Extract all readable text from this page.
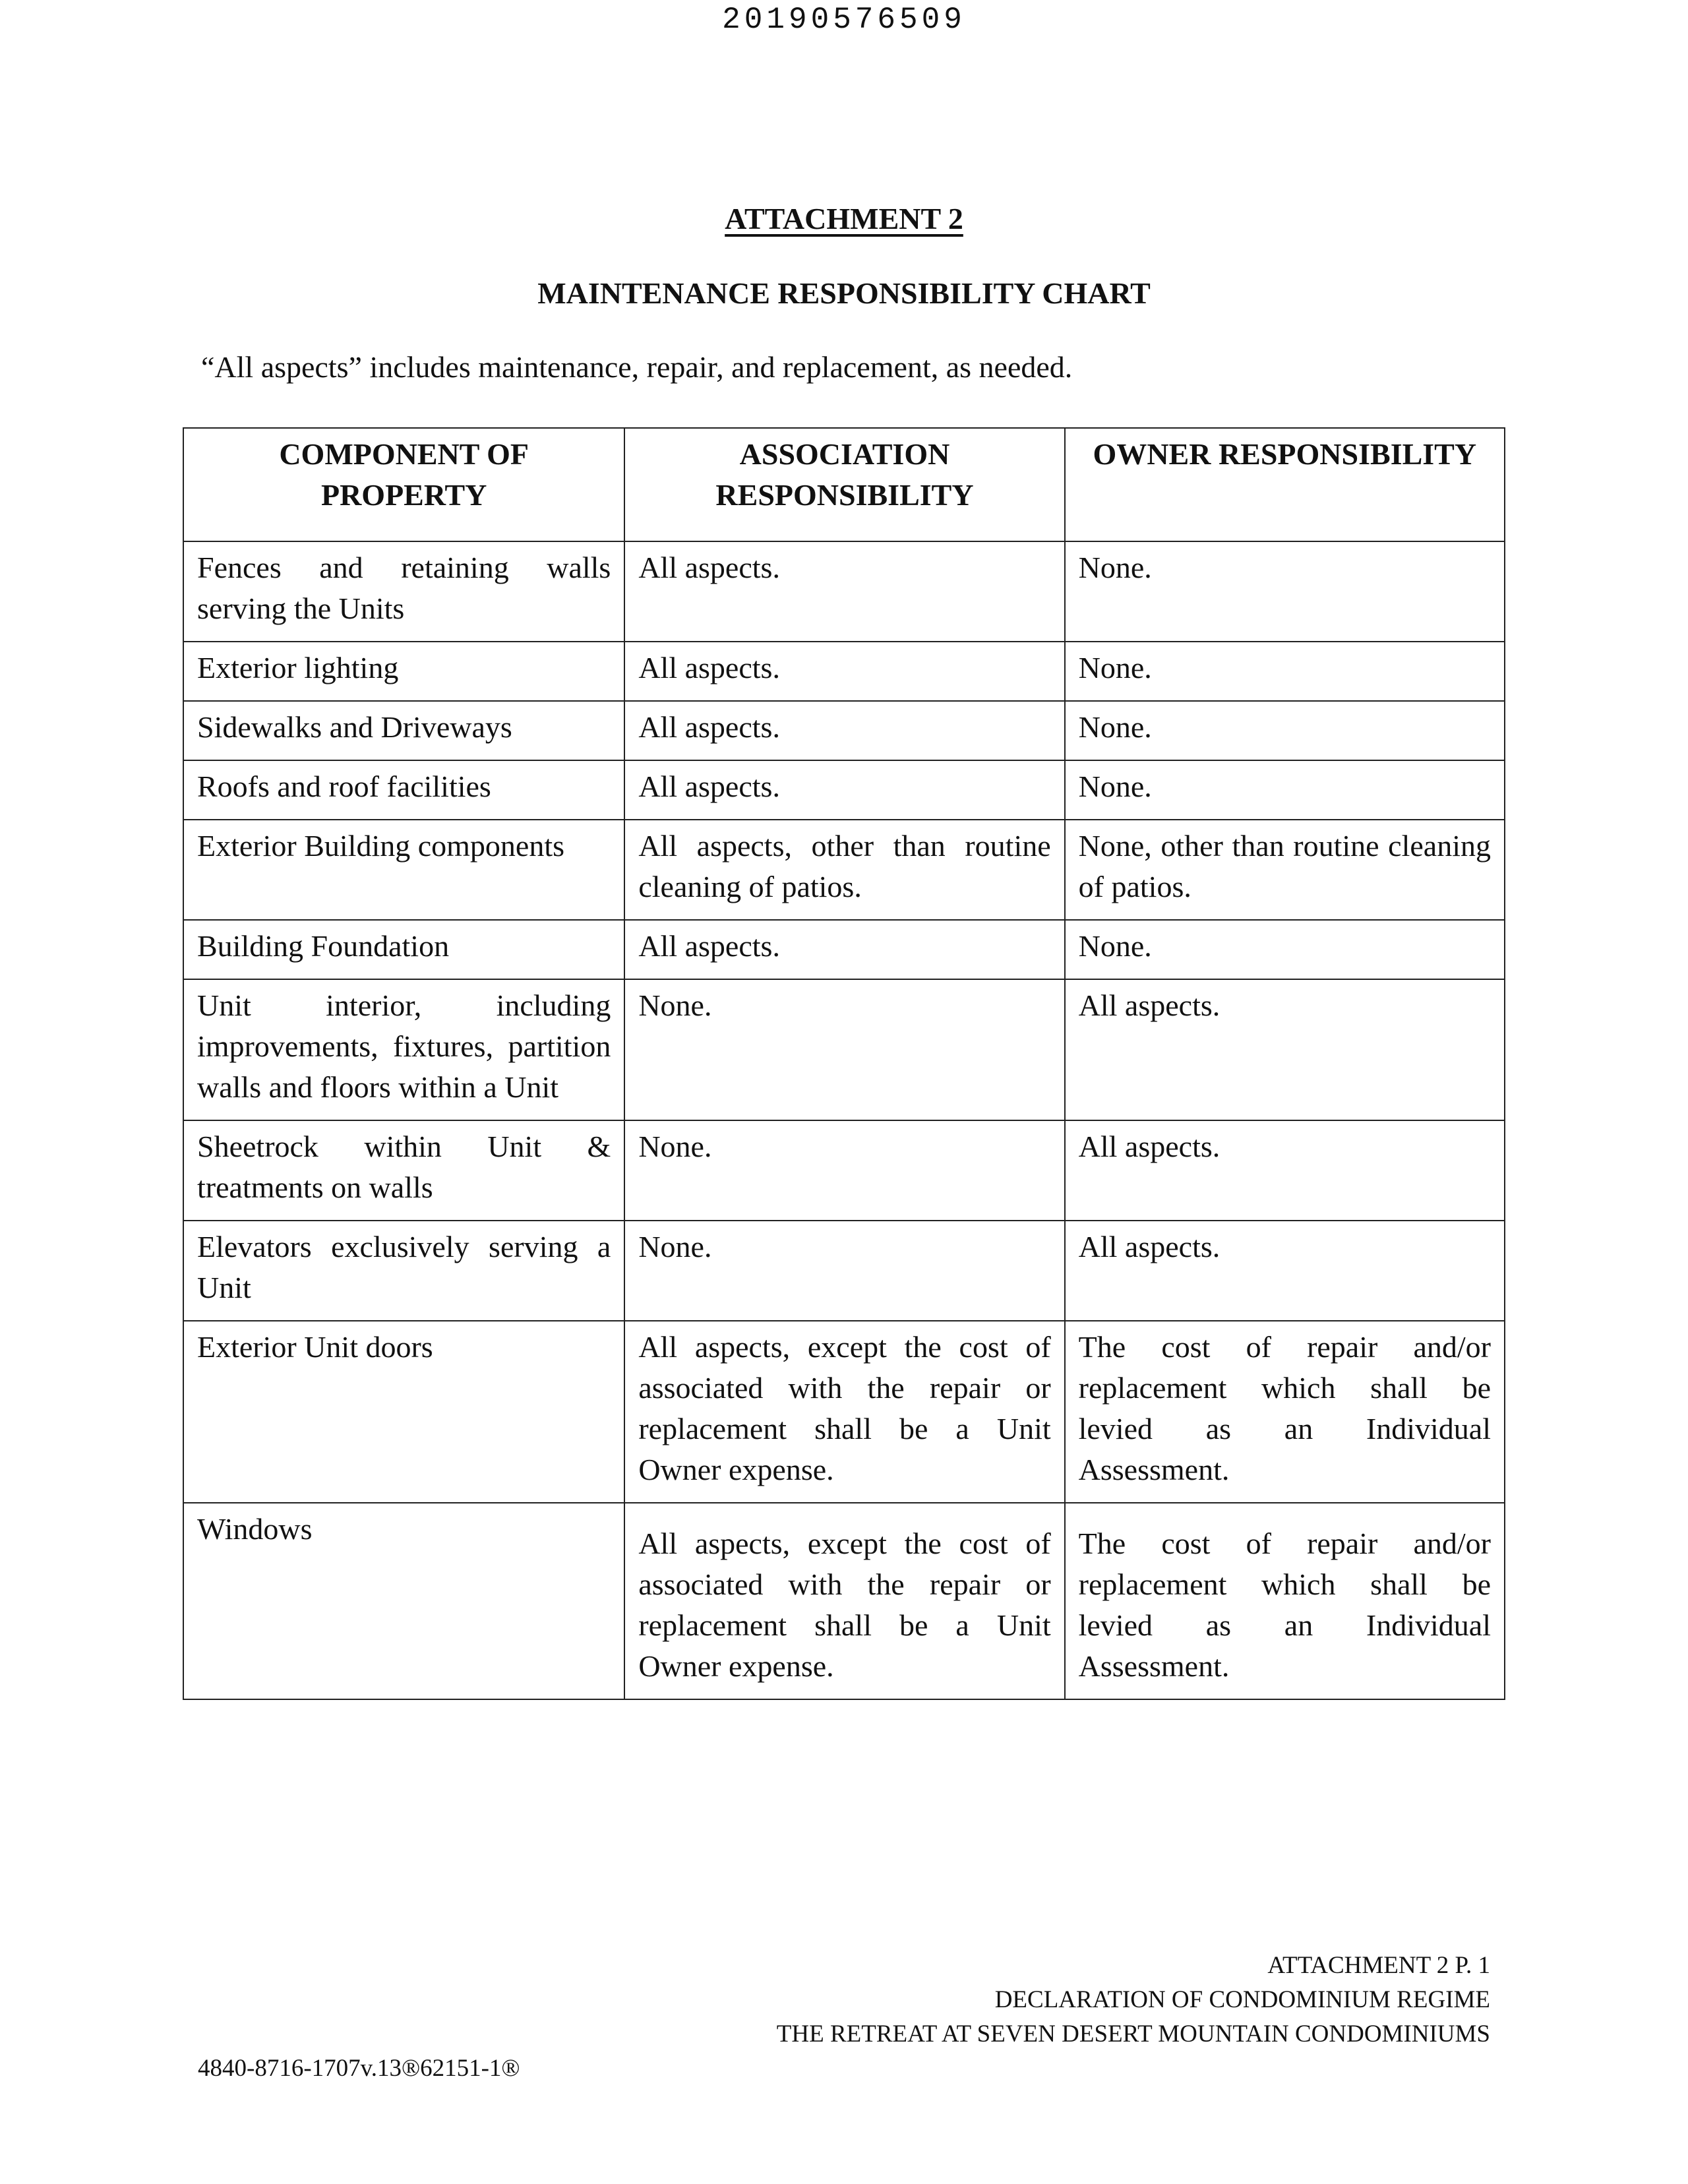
20190576509
ATTACHMENT 2
MAINTENANCE RESPONSIBILITY CHART
“All aspects” includes maintenance, repair, and replacement, as needed.
COMPONENT OF PROPERTY	ASSOCIATION RESPONSIBILITY	OWNER RESPONSIBILITY
Fences and retaining walls serving the Units	All aspects.	None.
Exterior lighting	All aspects.	None.
Sidewalks and Driveways	All aspects.	None.
Roofs and roof facilities	All aspects.	None.
Exterior Building components	All aspects, other than routine cleaning of patios.	None, other than routine cleaning of patios.
Building Foundation	All aspects.	None.
Unit interior, including improvements, fixtures, partition walls and floors within a Unit	None.	All aspects.
Sheetrock within Unit & treatments on walls	None.	All aspects.
Elevators exclusively serving a Unit	None.	All aspects.
Exterior Unit doors	All aspects, except the cost of associated with the repair or replacement shall be a Unit Owner expense.	The cost of repair and/or replacement which shall be levied as an Individual Assessment.
Windows	All aspects, except the cost of associated with the repair or replacement shall be a Unit Owner expense.	The cost of repair and/or replacement which shall be levied as an Individual Assessment.
ATTACHMENT 2 P. 1
DECLARATION OF CONDOMINIUM REGIME
THE RETREAT AT SEVEN DESERT MOUNTAIN CONDOMINIUMS
4840-8716-1707v.13®62151-1®
